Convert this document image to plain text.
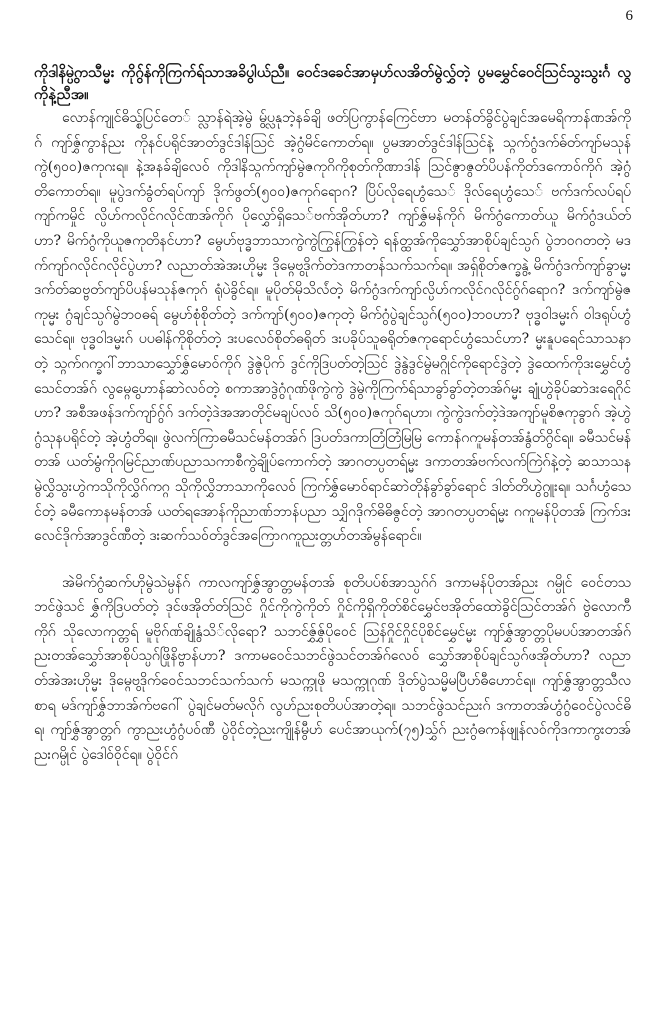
6

ကိုဒါနိမ္ပွဲကသီမ္မး ကိုဂွ်န်ကိုကြက်ရ်သာအခိပွါယ်ညီ။ ဝေင်ဒခေင်အာမှဟ်လအိတ်မွဲလွှ်တဲ့ ပွမမွှေင်ဝေင်ဩင်သွးသွးင်္ဂ လွကိုနဲ့ညီအ။

လောန်ကျုင်ဓိသ္စ်ပြင်တေ် သ္လာန်ရဲအဲ့မွဲ မွ်ပ္လနုဘဲ့နခ်ချိ ဖတ်ပြကွာန်ကြေင်ဗာာ မတန်တ်ခွိင်ပွဲချင်အမေရိကာန်ဏအ်ကိုဂ် ကျာ်ဇွှ်ကွာန်ညး ကိုနင်ပရိုင်အာတ်ဒွင်ဒါန်ဩင် အဲ့ဂွံမိင်ကောတ်ရ။ ပွမအာတ်ဒွင်ဒါန်ဩင်နဲ့ သ္ဂက်ဂွံဒက်ဓ်တ်ကျာ်မသုန်ကွဲ(၅၀၀)ဇကုဂးရ။ နဲ့အနခ်ချိလေဝ် ကိုဒါနိသ္ဂက်ကျာ်မွဲဇကုဂိကိုစုတ်ကိုဏာဒါန် ဩင်ဇွာဇွတ်ပိပန်ကိုတ်ဒကောဝ်ကိုဂ် အဲ့ဂွံတိကောတ်ရ။ မူပွဲဒက်ခွံတ်ရပ်ကျာ် ဒိုက်ဖွတ်(၅၀၀)ဇကုဂ်ရောဂ? ပြိပ်လိုရေဟွံသေ် ဒိုလ်ရေဟွံသေ် ဗက်ဒက်လပ်ရပ်ကျာ်ကမှိုင် လ္ပိဟ်ကလိုင်ဂလိုင်ဏအ်ကိုဂ် ပိုလွှော်ရှိသေ်ဗက်အိုတ်ဟာ? ကျာ်ဇွှ်မန်ကိုဂ် မိက်ဂွံကောတ်ယူ မိက်ဂွံဒယ်တ်ဟာ? မိက်ဂွံကိုယူဇကုတိနင်ဟာ? မွေဟ်ဗုဒ္ဓဘာသာကွဲကွဲကြွန်ကြွန်တဲ့ ရန်တ္ထအ်ကိုသွှော်အာစိုပ်ချင်သ္ပဂ် ပွဲဘဝဂတတဲ့ မဒက်ကျာ်ဂလိုင်ဂလိုင်ပွဲဟာ? လညာတ်အဲအးဟိုမ္မး ဒိုမ္ဂွေဗဒိုက်တဲဒကာတန်သက်သက်ရ။ အရှ်စိုတ်ဇက္ခနွဲ့ မိက်ဂွံဒက်ကျာ်ခွာမ္မး ဒက်တ်ဆဗ္ဗတ်ကျာ်ပိပန်မသုန်ဇကုဂ် ရုံပဲခွိင်ရ။ မူပိုတ်မိုသိလ်ံတဲ့ မိက်ဂွံဒက်ကျာ်လ္ပိဟ်ကလိုင်ဂလိုင်ဂွ်ဂ်ရောဂ? ဒက်ကျာ်မွဲဇကုမ္မး ဂွံချင်သ္ပဂ်မွဲဘဝဓရ် မွေဟ်စုံစိုတ်တဲ့ ဒက်ကျာ်(၅၀၀)ဇကုတဲ့ မိက်ဂွံပွဲချင်သ္ပဂ်(၅၀၀)ဘဝဟာ? ဗုဒ္ဓဝါဒမ္မးဂ် ဝါဒရုပ်ဟွံသေင်ရ။ ဗုဒ္ဓဝါဒမ္မးဂ် ပပဓါန်ကိုစိုတ်တဲ့ ဒးပလေဝ်စိုတ်ဓရိုတ် ဒးပခိုပ်သူဓရိုတ်ဇကုရောင်ဟွံသေင်ဟာ? မ္မးနူပရေင်သာသနာတဲ့ သ္ဂက်ဂက္ခဂါ်ဘာသာသွှော်ဇွှ်မောဝ်ကိုဂ် ဒွဲဇွဲပိုက် ဒွင်ကိုဒြပတ်တဲ့ဩင် ဒွဲနွဲဒွင်မွဲမဂ္ဂိုင်ကိုရောင်ဒွဲတဲ့ ဒွဲထေက်ကိုဒးမွှေင်ဟွံသေင်တအ်ဂ် လွမ္ဂွေဟောန်ဆာဲလဝ်တဲ့ စကာအာဒွဲဂွံဂုဏ်ဖိုကွဲကွဲ ဒွဲမွဲကိုကြက်ရ်သာခွာ်ခွာ်တဲ့တအ်ဂ်မ္မး ချုံဟွဲခိုပ်ဆာဲဒးရေဂိုင်ဟာ? အစီအဖန်ဒက်ကျာ်ဂွ်ဂ် ဒက်တဲ့ဒဲအအာတိုင်မချပ်လဝ် သိ(၅၀၀)ဇကုဂ်ရဟာ၊ ကွဲကွဲဒက်တဲ့ဒဲအကျာ်မူစိဇကုခွာဂ် အဲ့ဟွဲဂွံသုနပရိုင်တဲ့ အဲ့ဟွံတိရ။ ဖွဲလက်ကြာဓမီသင်မန်တအ်ဂ် ဒြပတ်ဒကာတြံတြံမြမြ ကောန်ဂကူမန်တအ်နွံတ်ဂွိင်ရ။ ခမီသင်မန်တအ် ယတ်မွံကိုဂမြင်ညာဏ်ပညာသကာစီကွဲချိုပ်ကောက်တဲ့ အာဂတပ္ပတရ်မ္မး ဒကာတအ်ဗက်လက်ကြဲဂ်နဲ့တဲ့ ဆသာသနမွဲလွှိသွးဟွဲကသိုကိုလွှိဂ်ကဂ္ဂ သိုကိုလွှိဘာသာကိုလေဝ် ကြက်ဇွှ်မောဝ်ရာင်ဆာဲတိုန်ခွာ်ခွာ်ရောင် ဒါတ်တိဟွဲဂွူးရ။ သင်္ဂဟွံသေင်တဲ့ ခမီကောနမန်တအ် ယတ်ရအောန်ကိုညာဏ်ဘာန်ပညာ သျှိဂဒိုက်ဓိဓိဇွင်တဲ့ အာဂတပ္ပတရ်မ္မး ဂကူမန်ပိုတအ် ကြက်ဒးလေင်ဒိုက်အာဒွင်ဏီတဲ့ ဒးဆက်သဝ်တ်ဒွင်အကြောဂကူညးတ္တဟ်တအ်မွန်ရောင်။

အဲမိက်ဂွံဆက်ဟိုမွဲသဲမ္ပန်ဂ် ကာလကျာ်ဇွှ်အွာတ္တမန်တအ် စုတိပပ်စ်အာသ္ပဂ်ဂ် ဒကာမန်ပိုတအ်ညး ဂမ္ပိုင် ဝေင်တသဘင်ဖွဲသင် ဇွှ်ကိုဒြပတ်တဲ့ ဒုင်ဖအိုတ်တ်ဩင် ဂှိုင်ကိုကွဲကိုတ် ဂှိုင်ကိုရှိကိုတ်စိင်မွှေင်ဗအိုတ်ထောဲခွိင်ဩင်တအ်ဂ် ဗွဲလောကီကိုဂ် သိုလောကုတ္တရ် မူဗိုဂ်ဏ်ချိုနွံသိ်လိုရော? သဘင်ဇွှ်ဇွှ်ပိုဝေင် ဩန်ဂှိုင်ဂှိုင်ပိုစိင်မွှေင်မ္မး ကျာ်ဇွှ်အွာတ္တပိုမပပ်အာတအ်ဂ် ညးတအ်သွှော်အာစိုပ်သ္ပဂ်ဖြိုနိဗ္ဗာန်ဟာ? ဒကာမဝေင်သဘင်ဖွဲသင်တအ်ဂ်လေဝ် သွှော်အာစိုပ်ချင်သ္ပဂ်ဖအိုတ်ဟာ? လညာတ်အဲအးဟိုမ္မး ဒိုမ္ဂွေဗဒိုက်ဝေင်သဘင်သက်သက် မသက္ကုဖို မသက္ကုဂုဏ် ဒိုတ်ပွဲသမ္မိမပြီဟ်ဓီဟောင်ရ။ ကျာ်ဇွှ်အွာတ္တသီလစာရ မဒ်ကျာ်ဇွှ်ဘာအ်က်ဗဂေါ် ပွဲချင်မတ်မလိုဂ် လွဟ်ညးစုတိပပ်အာတဲ့ရ။ သဘင်ဖွဲသင်ညးဂ် ဒကာတအ်ဟွံဂွံဝေင်ပွဲလင်ဓိရ၊ ကျာ်ဇွှ်အွာတ္တဂ် ကွာညးဟွံဂွံပဝ်ဏီ ပွဲဝိုင်တဲ့ညးကျိုန်မွီဟ် ပေင်အာယုက်(၇၅)သွှ်ဂ် ညးဂွံဓကန်ဖျုန်လဝ်ကိုဒကာကွးတအ်ညးဂမ္ပိုင် ပွဲဒေါဝ်ဝိုင်ရ။ ပွဲဝိုင်ဂ်
